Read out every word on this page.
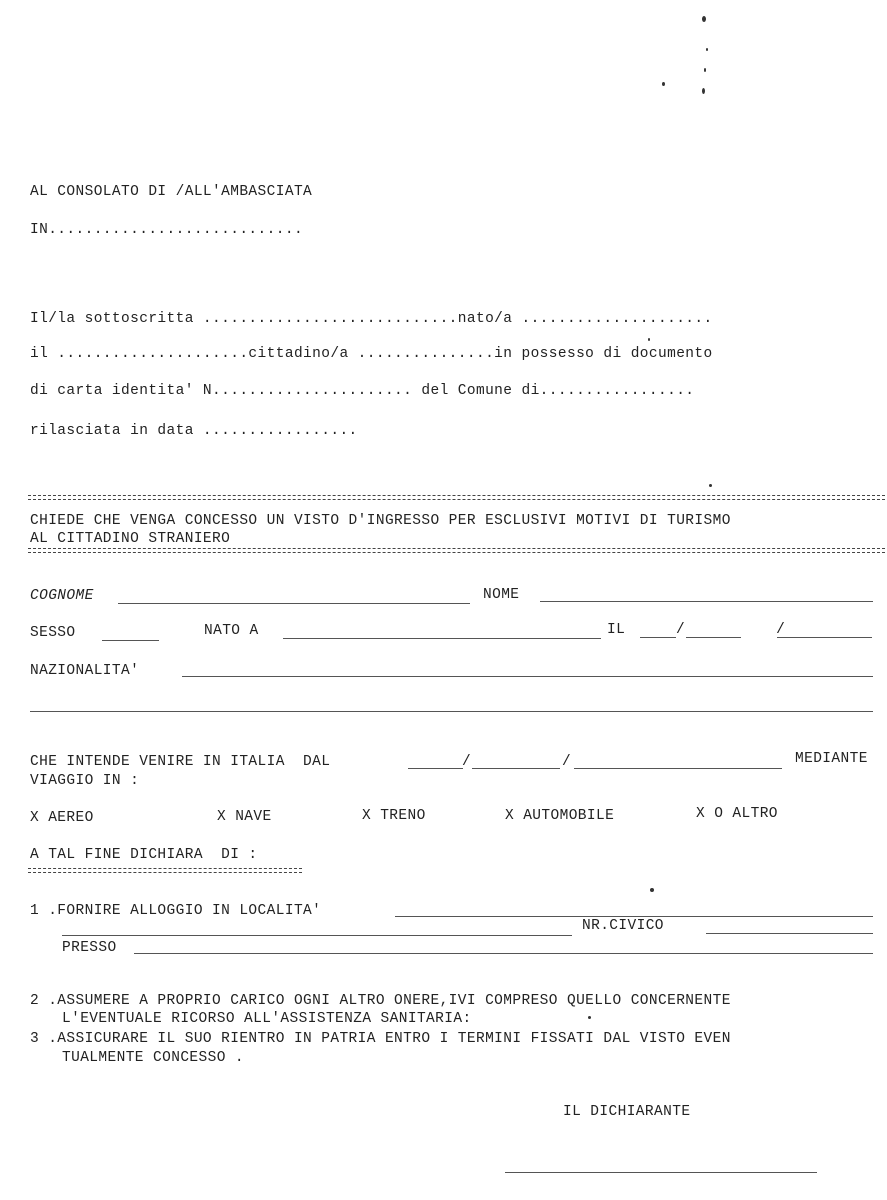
AL CONSOLATO DI /ALL'AMBASCIATA
IN............................
Il/la sottoscritta ............................nato/a .....................
il .....................cittadino/a ...............in possesso di documento
di carta identita' N...................... del Comune di.................
rilasciata in data .................
CHIEDE CHE VENGA CONCESSO UN VISTO D'INGRESSO PER ESCLUSIVI MOTIVI DI TURISMO
AL CITTADINO STRANIERO
COGNOME	NOME
SESSO	NATO A	IL	/          /
NAZIONALITA'
CHE INTENDE VENIRE IN ITALIA  DAL	/	/	MEDIANTE
VIAGGIO IN :
X AEREO	X NAVE	X TRENO	X AUTOMOBILE	X O ALTRO
A TAL FINE DICHIARA  DI :
1 .FORNIRE ALLOGGIO IN LOCALITA'
NR.CIVICO
PRESSO
2 .ASSUMERE A PROPRIO CARICO OGNI ALTRO ONERE,IVI COMPRESO QUELLO CONCERNENTE
L'EVENTUALE RICORSO ALL'ASSISTENZA SANITARIA:
3 .ASSICURARE IL SUO RIENTRO IN PATRIA ENTRO I TERMINI FISSATI DAL VISTO EVEN
TUALMENTE CONCESSO .
IL DICHIARANTE
